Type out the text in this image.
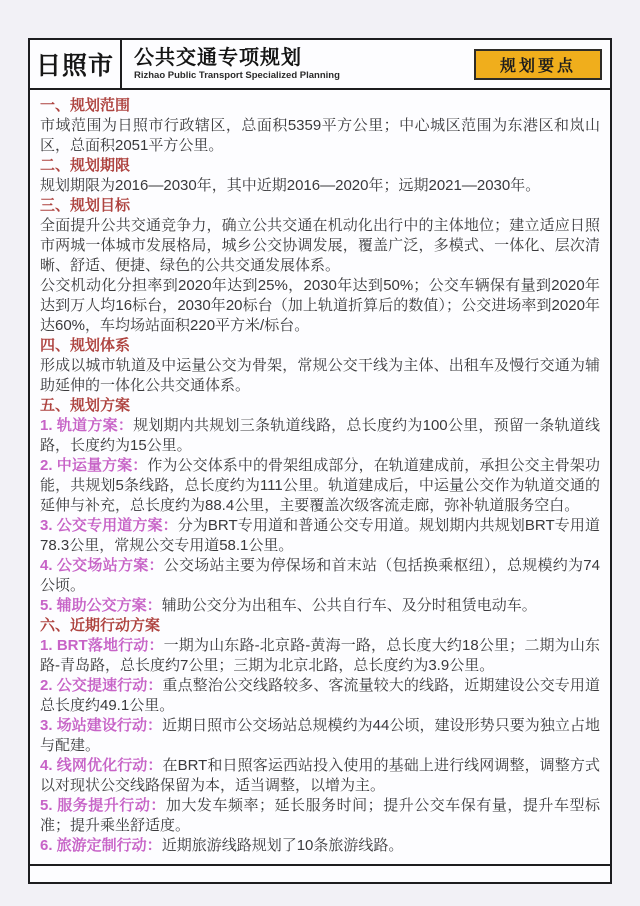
日照市	公共交通专项规划
Rizhao Public Transport Specialized Planning
规划要点
一、规划范围
市域范围为日照市行政辖区，总面积5359平方公里；中心城区范围为东港区和岚山区，总面积2051平方公里。
二、规划期限
规划期限为2016—2030年，其中近期2016—2020年；远期2021—2030年。
三、规划目标
全面提升公共交通竞争力，确立公共交通在机动化出行中的主体地位；建立适应日照市两城一体城市发展格局，城乡公交协调发展，覆盖广泛，多模式、一体化、层次清晰、舒适、便捷、绿色的公共交通发展体系。
公交机动化分担率到2020年达到25%，2030年达到50%；公交车辆保有量到2020年达到万人均16标台，2030年20标台（加上轨道折算后的数值）；公交进场率到2020年达60%，车均场站面积220平方米/标台。
四、规划体系
形成以城市轨道及中运量公交为骨架，常规公交干线为主体、出租车及慢行交通为辅助延伸的一体化公共交通体系。
五、规划方案
1. 轨道方案：规划期内共规划三条轨道线路，总长度约为100公里，预留一条轨道线路，长度约为15公里。
2. 中运量方案：作为公交体系中的骨架组成部分，在轨道建成前，承担公交主骨架功能，共规划5条线路，总长度约为111公里。轨道建成后，中运量公交作为轨道交通的延伸与补充，总长度约为88.4公里，主要覆盖次级客流走廊，弥补轨道服务空白。
3. 公交专用道方案：分为BRT专用道和普通公交专用道。规划期内共规划BRT专用道78.3公里，常规公交专用道58.1公里。
4. 公交场站方案：公交场站主要为停保场和首末站（包括换乘枢纽），总规模约为74公顷。
5. 辅助公交方案：辅助公交分为出租车、公共自行车、及分时租赁电动车。
六、近期行动方案
1. BRT落地行动：一期为山东路-北京路-黄海一路，总长度大约18公里；二期为山东路-青岛路，总长度约7公里；三期为北京北路，总长度约为3.9公里。
2. 公交提速行动：重点整治公交线路较多、客流量较大的线路，近期建设公交专用道总长度约49.1公里。
3. 场站建设行动：近期日照市公交场站总规模约为44公顷，建设形势只要为独立占地与配建。
4. 线网优化行动：在BRT和日照客运西站投入使用的基础上进行线网调整，调整方式以对现状公交线路保留为本，适当调整，以增为主。
5. 服务提升行动：加大发车频率；延长服务时间；提升公交车保有量，提升车型标准；提升乘坐舒适度。
6. 旅游定制行动：近期旅游线路规划了10条旅游线路。
